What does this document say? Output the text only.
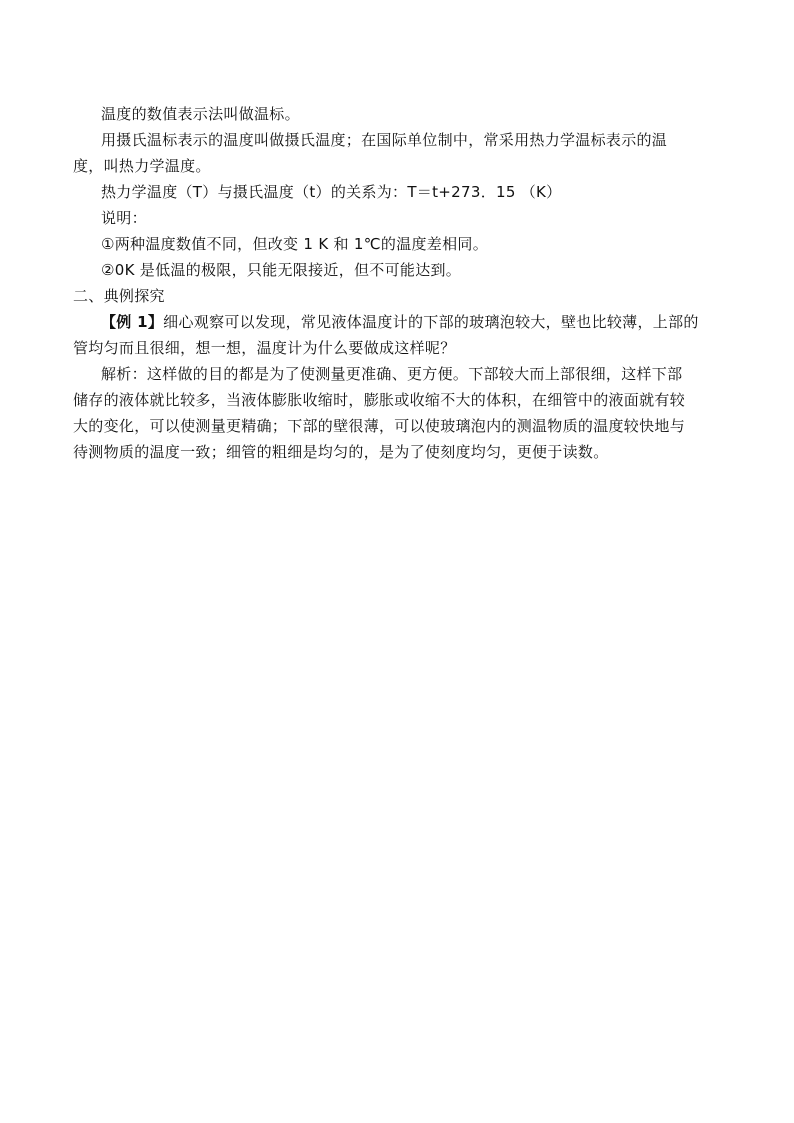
温度的数值表示法叫做温标。

用摄氏温标表示的温度叫做摄氏温度；在国际单位制中，常采用热力学温标表示的温
度，叫热力学温度。

热力学温度（T）与摄氏温度（t）的关系为：T＝t+273．15 （K）

说明：

①两种温度数值不同，但改变 1 K 和 1℃的温度差相同。

②0K 是低温的极限，只能无限接近，但不可能达到。

二、典例探究

【例 1】细心观察可以发现，常见液体温度计的下部的玻璃泡较大，壁也比较薄，上部的
管均匀而且很细，想一想，温度计为什么要做成这样呢？

解析：这样做的目的都是为了使测量更准确、更方便。下部较大而上部很细，这样下部
储存的液体就比较多，当液体膨胀收缩时，膨胀或收缩不大的体积，在细管中的液面就有较
大的变化，可以使测量更精确；下部的壁很薄，可以使玻璃泡内的测温物质的温度较快地与
待测物质的温度一致；细管的粗细是均匀的，是为了使刻度均匀，更便于读数。
